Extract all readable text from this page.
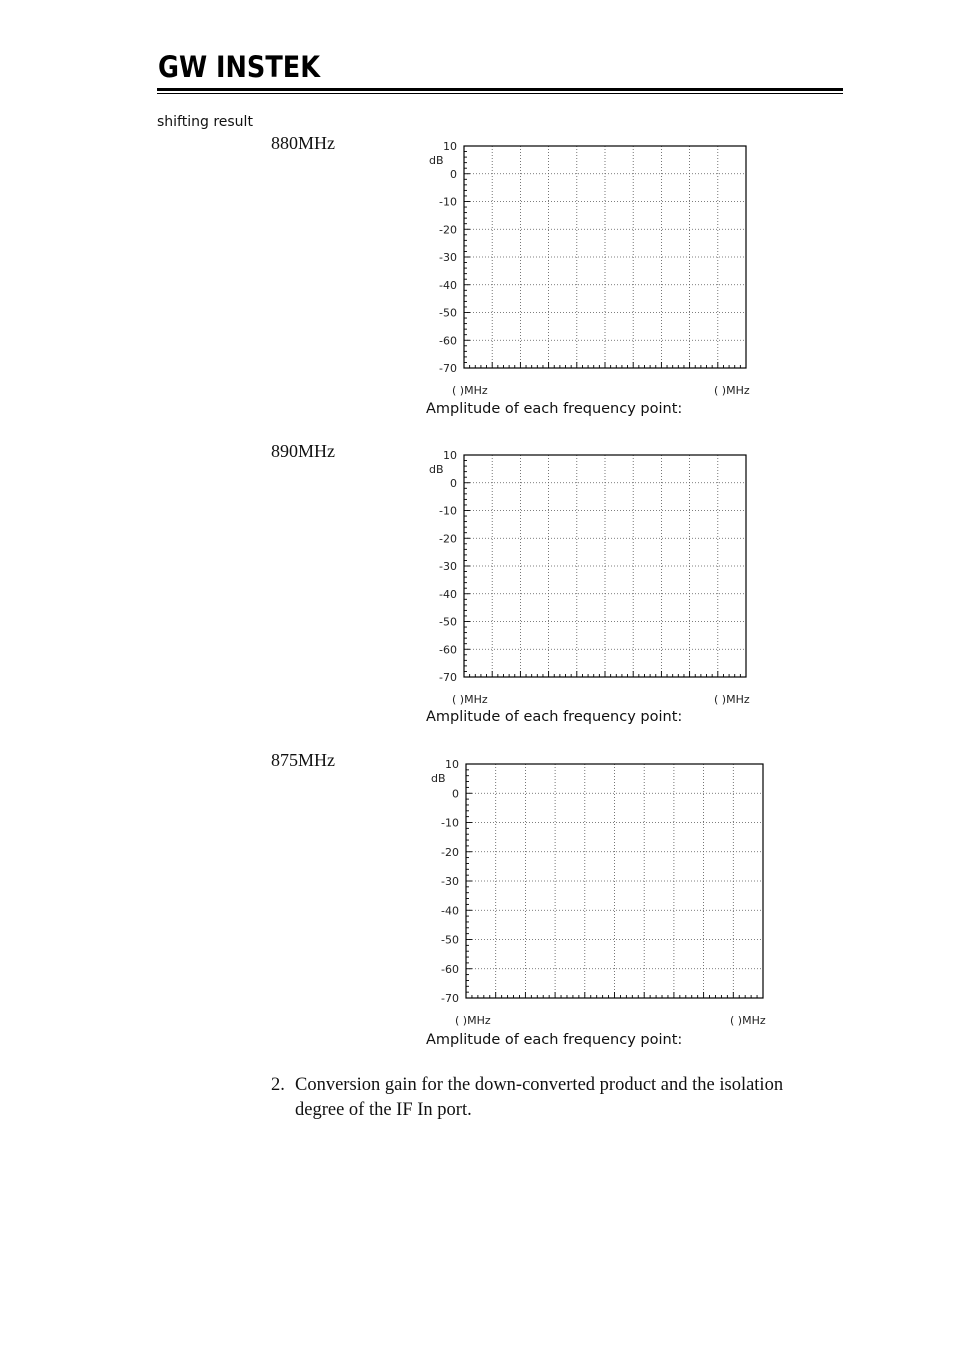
GW INSTEK
shifting result
880MHz	10
0
-10
-20
-30
-40
-50
-60
-70
dB
( )MHz	( )MHz
Amplitude of each frequency point:
890MHz	10
0
-10
-20
-30
-40
-50
-60
-70
dB
( )MHz	( )MHz
Amplitude of each frequency point:
875MHz	10
0
-10
-20
-30
-40
-50
-60
-70
dB
( )MHz	( )MHz
Amplitude of each frequency point:
2. Conversion gain for the down-converted product and the isolation degree of the IF In port.
